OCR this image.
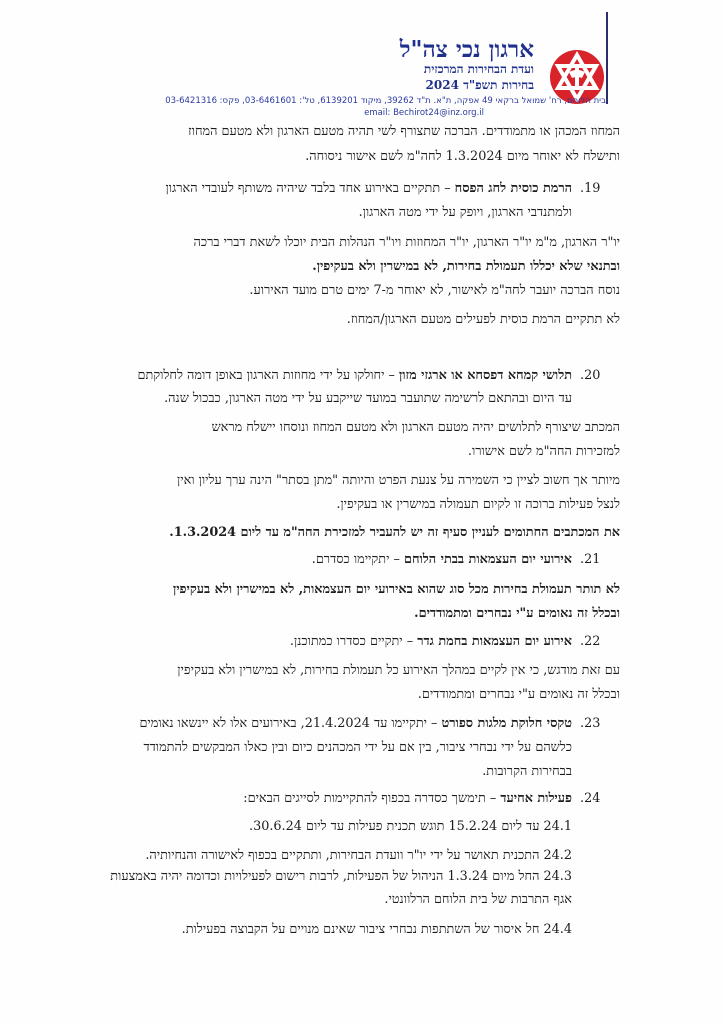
ארגון נכי צה"ל
ועדת הבחירות המרכזית
בחירות תשפ"ד 2024
בית הלוחם, רח' שמואל ברקאי 49 אפקה, ת"א. ת"ד 39262, מיקוד 6139201, טל': 03-6461601, פקס: 03-6421316
email: Bechirot24@inz.org.il
המחוז המכהן או מתמודדים. הברכה שתצורף לשי תהיה מטעם הארגון ולא מטעם המחוז
ותישלח לא יאוחר מיום 1.3.2024 לחה"מ לשם אישור ניסוחה.
.19
הרמת כוסית לחג הפסח – תתקיים באירוע אחד בלבד שיהיה משותף לעובדי הארגון
ולמתנדבי הארגון, ויופק על ידי מטה הארגון.
יו"ר הארגון, מ"מ יו"ר הארגון, יו"ר המחוזות ויו"ר הנהלות הבית יוכלו לשאת דברי ברכה
ובתנאי שלא יכללו תעמולת בחירות, לא במישרין ולא בעקיפין.
נוסח הברכה יועבר לחה"מ לאישור, לא יאוחר מ-7 ימים טרם מועד האירוע.
לא תתקיים הרמת כוסית לפעילים מטעם הארגון/המחוז.
.20
תלושי קמחא דפסחא או ארגזי מזון – יחולקו על ידי מחוזות הארגון באופן דומה לחלוקתם
עד היום ובהתאם לרשימה שתועבר במועד שייקבע על ידי מטה הארגון, כבכול שנה.
המכתב שיצורף לתלושים יהיה מטעם הארגון ולא מטעם המחוז ונוסחו יישלח מראש
למזכירות החה"מ לשם אישורו.
מיותר אך חשוב לציין כי השמירה על צנעת הפרט והיותה "מתן בסתר" הינה ערך עליון ואין
לנצל פעילות ברוכה זו לקיום תעמולה במישרין או בעקיפין.
את המכתבים החתומים לעניין סעיף זה יש להעביר למזכירת החה"מ עד ליום 1.3.2024.
.21
אירועי יום העצמאות בבתי הלוחם – יתקיימו כסדרם.
לא תותר תעמולת בחירות מכל סוג שהוא באירועי יום העצמאות, לא במישרין ולא בעקיפין
ובכלל זה נאומים ע"י נבחרים ומתמודדים.
.22
אירוע יום העצמאות בחמת גדר – יתקיים כסדרו כמתוכנן.
עם זאת מודגש, כי אין לקיים במהלך האירוע כל תעמולת בחירות, לא במישרין ולא בעקיפין
ובכלל זה נאומים ע"י נבחרים ומתמודדים.
.23
טקסי חלוקת מלגות ספורט – יתקיימו עד 21.4.2024, באירועים אלו לא יינשאו נאומים
כלשהם על ידי נבחרי ציבור, בין אם על ידי המכהנים כיום ובין כאלו המבקשים להתמודד
בבחירות הקרובות.
.24
פעילות אחיעד – תימשך כסדרה בכפוף להתקיימות לסייגים הבאים:
24.1 עד ליום 15.2.24 תוגש תכנית פעילות עד ליום 30.6.24.
24.2 התכנית תאושר על ידי יו"ר וועדת הבחירות, ותתקיים בכפוף לאישורה והנחיותיה.
24.3 החל מיום 1.3.24 הניהול של הפעילות, לרבות רישום לפעילויות וכדומה יהיה באמצעות
אגף התרבות של בית הלוחם הרלוונטי.
24.4 חל איסור של השתתפות נבחרי ציבור שאינם מנויים על הקבוצה בפעילות.
